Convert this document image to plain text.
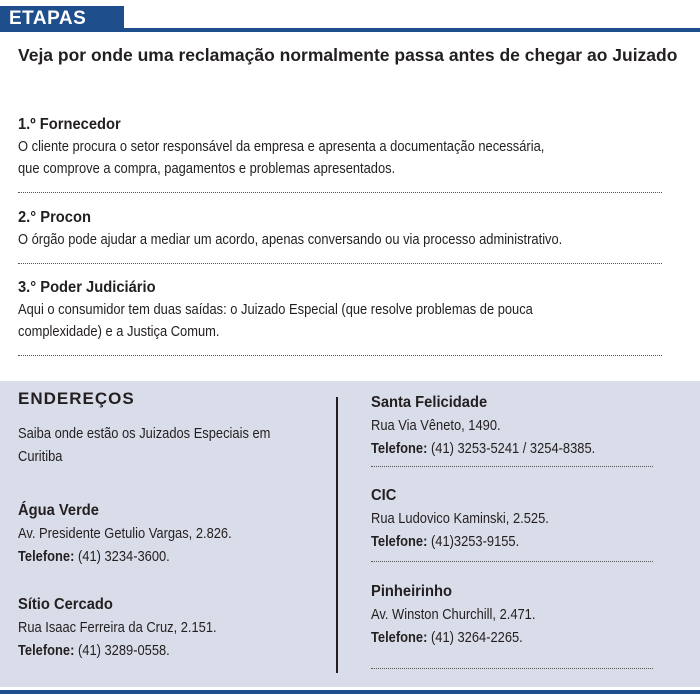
ETAPAS
Veja por onde uma reclamação normalmente passa antes de chegar ao Juizado
1.º Fornecedor
O cliente procura o setor responsável da empresa e apresenta a documentação necessária,
que comprove a compra, pagamentos e problemas apresentados.
2.° Procon
O órgão pode ajudar a mediar um acordo, apenas conversando ou via processo administrativo.
3.° Poder Judiciário
Aqui o consumidor tem duas saídas: o Juizado Especial (que resolve problemas de pouca
complexidade) e a Justiça Comum.
ENDEREÇOS
Saiba onde estão os Juizados Especiais em Curitiba
Água Verde
Av. Presidente Getulio Vargas, 2.826.
Telefone: (41) 3234-3600.
Sítio Cercado
Rua Isaac Ferreira da Cruz, 2.151.
Telefone: (41) 3289-0558.
Santa Felicidade
Rua Via Vêneto, 1490.
Telefone: (41) 3253-5241 / 3254-8385.
CIC
Rua Ludovico Kaminski, 2.525.
Telefone: (41)3253-9155.
Pinheirinho
Av. Winston Churchill, 2.471.
Telefone: (41) 3264-2265.
